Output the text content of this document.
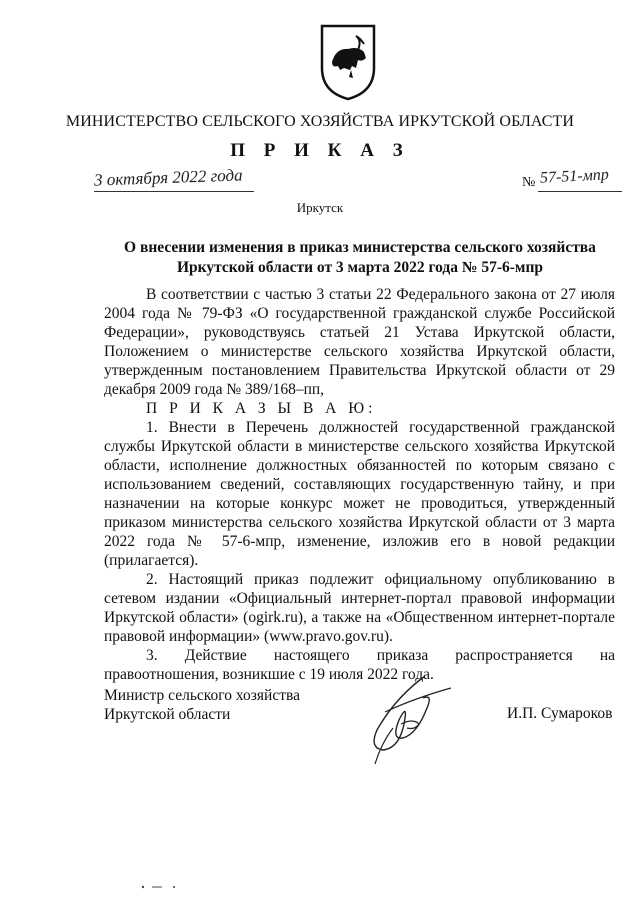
МИНИСТЕРСТВО СЕЛЬСКОГО ХОЗЯЙСТВА ИРКУТСКОЙ ОБЛАСТИ
П Р И К А З
3 октября 2022 года	№ 57-51-мпр
Иркутск
О внесении изменения в приказ министерства сельского хозяйства
Иркутской области от 3 марта 2022 года № 57-6-мпр

В соответствии с частью 3 статьи 22 Федерального закона от 27 июля 2004 года № 79-ФЗ «О государственной гражданской службе Российской Федерации», руководствуясь статьей 21 Устава Иркутской области, Положением о министерстве сельского хозяйства Иркутской области, утвержденным постановлением Правительства Иркутской области от 29 декабря 2009 года № 389/168–пп,

П Р И К А З Ы В А Ю:

1. Внести в Перечень должностей государственной гражданской службы Иркутской области в министерстве сельского хозяйства Иркутской области, исполнение должностных обязанностей по которым связано с использованием сведений, составляющих государственную тайну, и при назначении на которые конкурс может не проводиться, утвержденный приказом министерства сельского хозяйства Иркутской области от 3 марта 2022 года № 57-6-мпр, изменение, изложив его в новой редакции (прилагается).

2. Настоящий приказ подлежит официальному опубликованию в сетевом издании «Официальный интернет-портал правовой информации Иркутской области» (ogirk.ru), а также на «Общественном интернет-портале правовой информации» (www.pravo.gov.ru).

3. Действие настоящего приказа распространяется на правоотношения, возникшие с 19 июля 2022 года.

Министр сельского хозяйства
Иркутской области	И.П. Сумароков
